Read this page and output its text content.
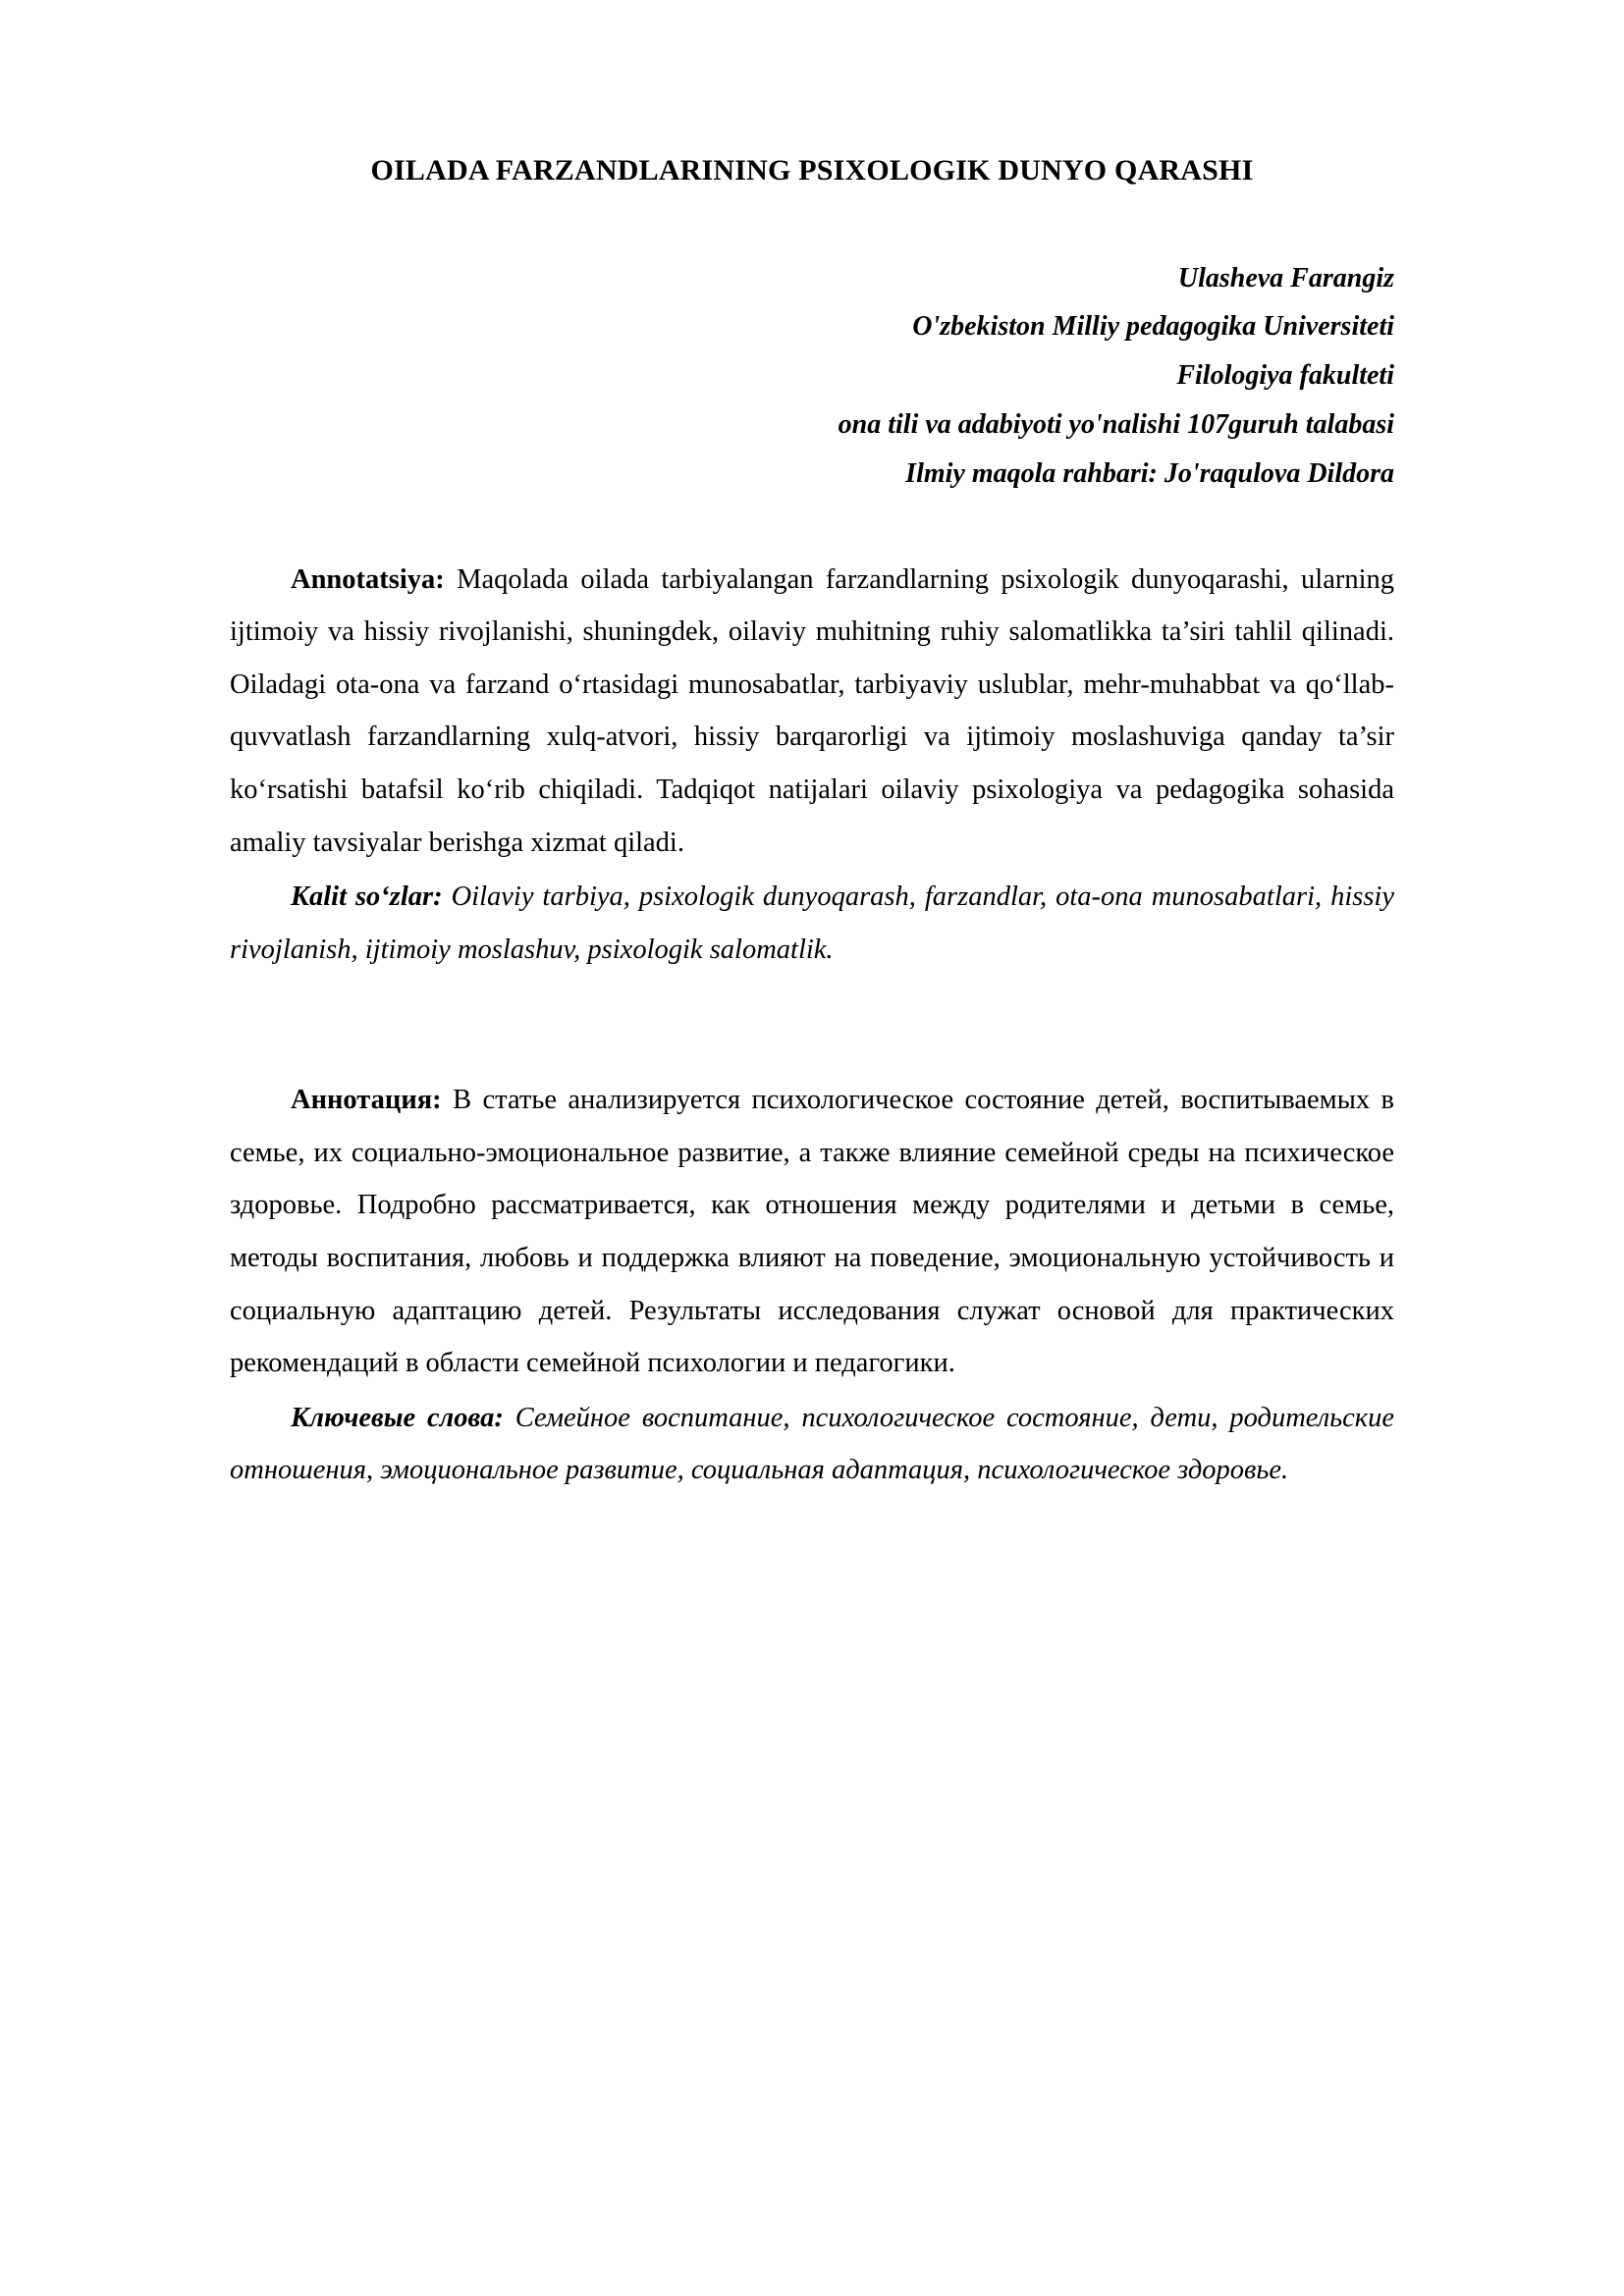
OILADA FARZANDLARINING PSIXOLOGIK DUNYO QARASHI
Ulasheva Farangiz
O'zbekiston Milliy pedagogika Universiteti
Filologiya fakulteti
ona tili va adabiyoti yo'nalishi 107guruh talabasi
Ilmiy maqola rahbari: Jo'raqulova Dildora

Annotatsiya: Maqolada oilada tarbiyalangan farzandlarning psixologik dunyoqarashi, ularning ijtimoiy va hissiy rivojlanishi, shuningdek, oilaviy muhitning ruhiy salomatlikka ta’siri tahlil qilinadi. Oiladagi ota-ona va farzand o‘rtasidagi munosabatlar, tarbiyaviy uslublar, mehr-muhabbat va qo‘llab-quvvatlash farzandlarning xulq-atvori, hissiy barqarorligi va ijtimoiy moslashuviga qanday ta’sir ko‘rsatishi batafsil ko‘rib chiqiladi. Tadqiqot natijalari oilaviy psixologiya va pedagogika sohasida amaliy tavsiyalar berishga xizmat qiladi.

Kalit so‘zlar: Oilaviy tarbiya, psixologik dunyoqarash, farzandlar, ota-ona munosabatlari, hissiy rivojlanish, ijtimoiy moslashuv, psixologik salomatlik.

Аннотация: В статье анализируется психологическое состояние детей, воспитываемых в семье, их социально-эмоциональное развитие, а также влияние семейной среды на психическое здоровье. Подробно рассматривается, как отношения между родителями и детьми в семье, методы воспитания, любовь и поддержка влияют на поведение, эмоциональную устойчивость и социальную адаптацию детей. Результаты исследования служат основой для практических рекомендаций в области семейной психологии и педагогики.

Ключевые слова: Семейное воспитание, психологическое состояние, дети, родительские отношения, эмоциональное развитие, социальная адаптация, психологическое здоровье.
